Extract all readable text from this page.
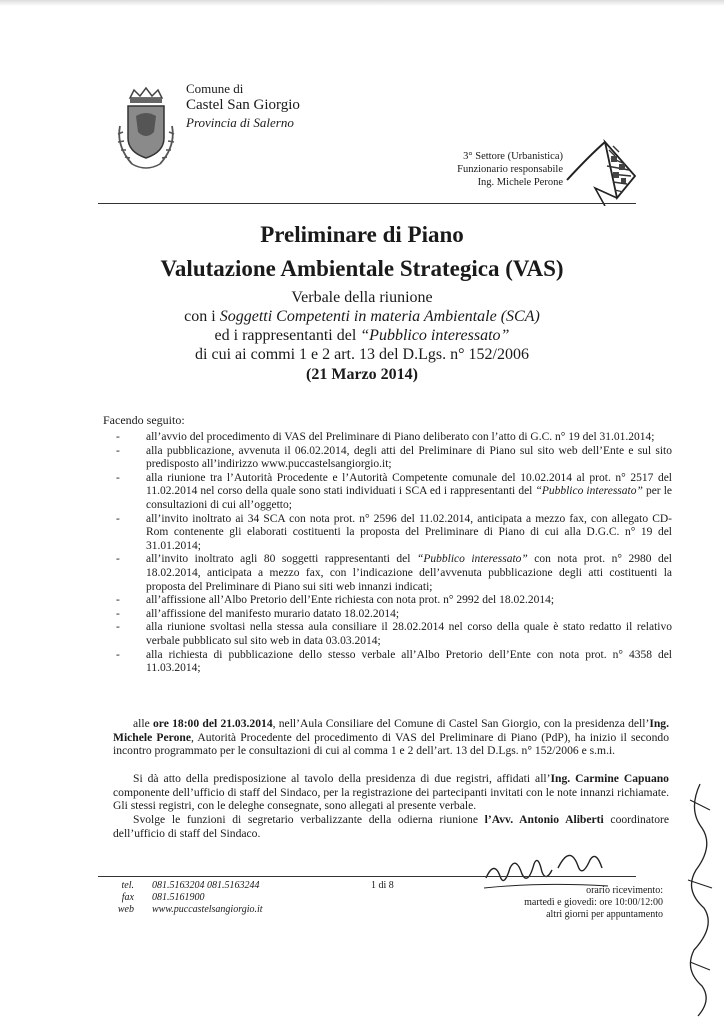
Comune di
Castel San Giorgio
Provincia di Salerno
3° Settore (Urbanistica)
Funzionario responsabile
Ing. Michele Perone
Preliminare di Piano
Valutazione Ambientale Strategica (VAS)
Verbale della riunione
con i Soggetti Competenti in materia Ambientale (SCA)
ed i rappresentanti del “Pubblico interessato”
di cui ai commi 1 e 2 art. 13 del D.Lgs. n° 152/2006
(21 Marzo 2014)
Facendo seguito:
- all’avvio del procedimento di VAS del Preliminare di Piano deliberato con l’atto di G.C. n° 19 del 31.01.2014;
- alla pubblicazione, avvenuta il 06.02.2014, degli atti del Preliminare di Piano sul sito web dell’Ente e sul sito predisposto all’indirizzo www.puccastelsangiorgio.it;
- alla riunione tra l’Autorità Procedente e l’Autorità Competente comunale del 10.02.2014 al prot. n° 2517 del 11.02.2014 nel corso della quale sono stati individuati i SCA ed i rappresentanti del “Pubblico interessato” per le consultazioni di cui all’oggetto;
- all’invito inoltrato ai 34 SCA con nota prot. n° 2596 del 11.02.2014, anticipata a mezzo fax, con allegato CD-Rom contenente gli elaborati costituenti la proposta del Preliminare di Piano di cui alla D.G.C. n° 19 del 31.01.2014;
- all’invito inoltrato agli 80 soggetti rappresentanti del “Pubblico interessato” con nota prot. n° 2980 del 18.02.2014, anticipata a mezzo fax, con l’indicazione dell’avvenuta pubblicazione degli atti costituenti la proposta del Preliminare di Piano sui siti web innanzi indicati;
- all’affissione all’Albo Pretorio dell’Ente richiesta con nota prot. n° 2992 del 18.02.2014;
- all’affissione del manifesto murario datato 18.02.2014;
- alla riunione svoltasi nella stessa aula consiliare il 28.02.2014 nel corso della quale è stato redatto il relativo verbale pubblicato sul sito web in data 03.03.2014;
- alla richiesta di pubblicazione dello stesso verbale all’Albo Pretorio dell’Ente con nota prot. n° 4358 del 11.03.2014;
alle ore 18:00 del 21.03.2014, nell’Aula Consiliare del Comune di Castel San Giorgio, con la presidenza dell’Ing. Michele Perone, Autorità Procedente del procedimento di VAS del Preliminare di Piano (PdP), ha inizio il secondo incontro programmato per le consultazioni di cui al comma 1 e 2 dell’art. 13 del D.Lgs. n° 152/2006 e s.m.i.
Si dà atto della predisposizione al tavolo della presidenza di due registri, affidati all’Ing. Carmine Capuano componente dell’ufficio di staff del Sindaco, per la registrazione dei partecipanti invitati con le note innanzi richiamate. Gli stessi registri, con le deleghe consegnate, sono allegati al presente verbale.
Svolge le funzioni di segretario verbalizzante della odierna riunione l’Avv. Antonio Aliberti coordinatore dell’ufficio di staff del Sindaco.
tel. 081.5163204 081.5163244
fax 081.5161900
web www.puccastelsangiorgio.it
1 di 8	orario ricevimento:
martedì e giovedì: ore 10:00/12:00
altri giorni per appuntamento
